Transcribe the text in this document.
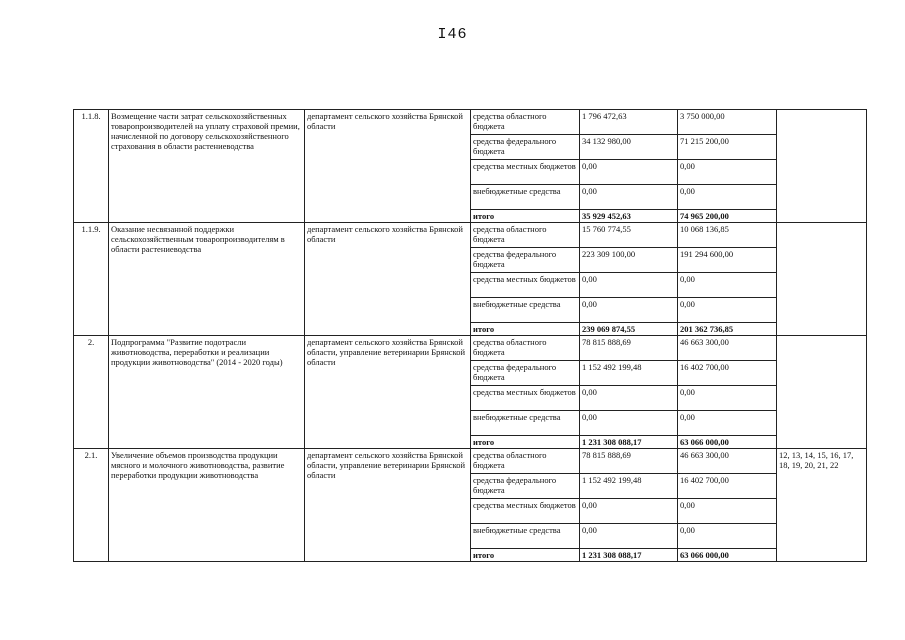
I46
1.1.8.	Возмещение части затрат сельскохозяйственных товаропроизводителей на уплату страховой премии, начисленной по договору сельскохозяйственного страхования в области растениеводства	департамент сельского хозяйства Брянской области	средства областного бюджета	1 796 472,63	3 750 000,00	
			средства федерального бюджета	34 132 980,00	71 215 200,00	
			средства местных бюджетов	0,00	0,00	
			внебюджетные средства	0,00	0,00	
			итого	35 929 452,63	74 965 200,00	
1.1.9.	Оказание несвязанной поддержки сельскохозяйственным товаропроизводителям в области растениеводства	департамент сельского хозяйства Брянской области	средства областного бюджета	15 760 774,55	10 068 136,85	
			средства федерального бюджета	223 309 100,00	191 294 600,00	
			средства местных бюджетов	0,00	0,00	
			внебюджетные средства	0,00	0,00	
			итого	239 069 874,55	201 362 736,85	
2.	Подпрограмма "Развитие подотрасли животноводства, переработки и реализации продукции животноводства" (2014 - 2020 годы)	департамент сельского хозяйства Брянской области, управление ветеринарии Брянской области	средства областного бюджета	78 815 888,69	46 663 300,00	
			средства федерального бюджета	1 152 492 199,48	16 402 700,00	
			средства местных бюджетов	0,00	0,00	
			внебюджетные средства	0,00	0,00	
			итого	1 231 308 088,17	63 066 000,00	
2.1.	Увеличение объемов производства продукции мясного и молочного животноводства, развитие переработки продукции животноводства	департамент сельского хозяйства Брянской области, управление ветеринарии Брянской области	средства областного бюджета	78 815 888,69	46 663 300,00	12, 13, 14, 15, 16, 17, 18, 19, 20, 21, 22
			средства федерального бюджета	1 152 492 199,48	16 402 700,00	
			средства местных бюджетов	0,00	0,00	
			внебюджетные средства	0,00	0,00	
			итого	1 231 308 088,17	63 066 000,00	
